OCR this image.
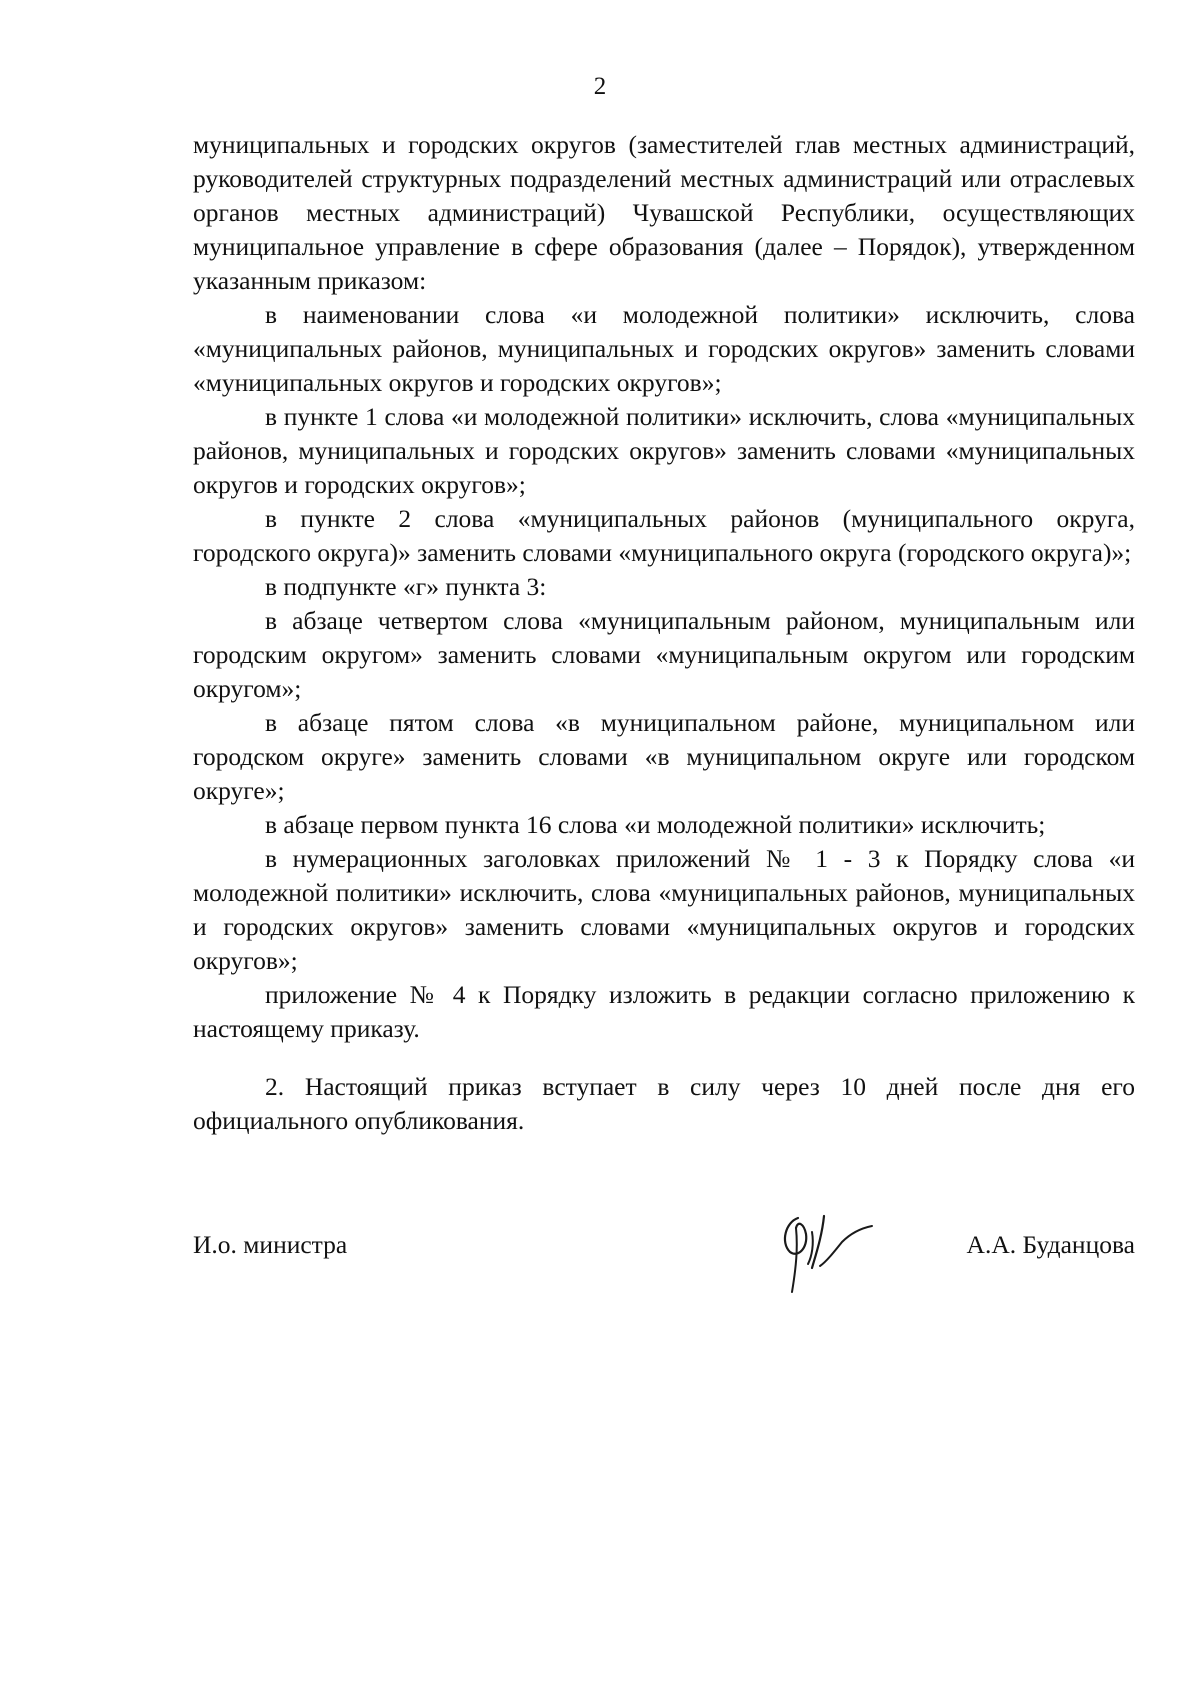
2

муниципальных и городских округов (заместителей глав местных администраций, руководителей структурных подразделений местных администраций или отраслевых органов местных администраций) Чувашской Республики, осуществляющих муниципальное управление в сфере образования (далее – Порядок), утвержденном указанным приказом:

в наименовании слова «и молодежной политики» исключить, слова «муниципальных районов, муниципальных и городских округов» заменить словами «муниципальных округов и городских округов»;

в пункте 1 слова «и молодежной политики» исключить, слова «муниципальных районов, муниципальных и городских округов» заменить словами «муниципальных округов и городских округов»;

в пункте 2 слова «муниципальных районов (муниципального округа, городского округа)» заменить словами «муниципального округа (городского округа)»;

в подпункте «г» пункта 3:

в абзаце четвертом слова «муниципальным районом, муниципальным или городским округом» заменить словами «муниципальным округом или городским округом»;

в абзаце пятом слова «в муниципальном районе, муниципальном или городском округе» заменить словами «в муниципальном округе или городском округе»;

в абзаце первом пункта 16 слова «и молодежной политики» исключить;

в нумерационных заголовках приложений № 1 - 3 к Порядку слова «и молодежной политики» исключить, слова «муниципальных районов, муниципальных и городских округов» заменить словами «муниципальных округов и городских округов»;

приложение № 4 к Порядку изложить в редакции согласно приложению к настоящему приказу.

2. Настоящий приказ вступает в силу через 10 дней после дня его официального опубликования.

И.о. министра	А.А. Буданцова
